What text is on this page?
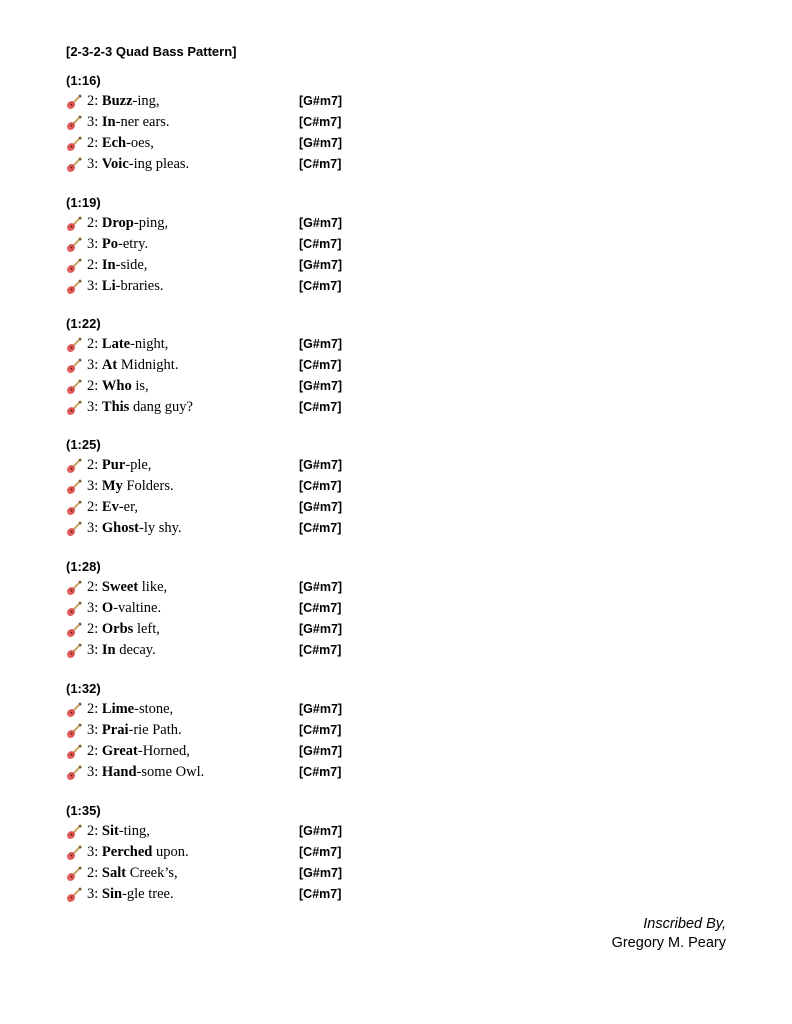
[2-3-2-3 Quad Bass Pattern]
(1:16)
2: Buzz-ing,	[G#m7]
3: In-ner ears.	[C#m7]
2: Ech-oes,	[G#m7]
3: Voic-ing pleas.	[C#m7]
(1:19)
2: Drop-ping,	[G#m7]
3: Po-etry.	[C#m7]
2: In-side,	[G#m7]
3: Li-braries.	[C#m7]
(1:22)
2: Late-night,	[G#m7]
3: At Midnight.	[C#m7]
2: Who is,	[G#m7]
3: This dang guy?	[C#m7]
(1:25)
2: Pur-ple,	[G#m7]
3: My Folders.	[C#m7]
2: Ev-er,	[G#m7]
3: Ghost-ly shy.	[C#m7]
(1:28)
2: Sweet like,	[G#m7]
3: O-valtine.	[C#m7]
2: Orbs left,	[G#m7]
3: In decay.	[C#m7]
(1:32)
2: Lime-stone,	[G#m7]
3: Prai-rie Path.	[C#m7]
2: Great-Horned,	[G#m7]
3: Hand-some Owl.	[C#m7]
(1:35)
2: Sit-ting,	[G#m7]
3: Perched upon.	[C#m7]
2: Salt Creek’s,	[G#m7]
3: Sin-gle tree.	[C#m7]
Inscribed By,
Gregory M. Peary
